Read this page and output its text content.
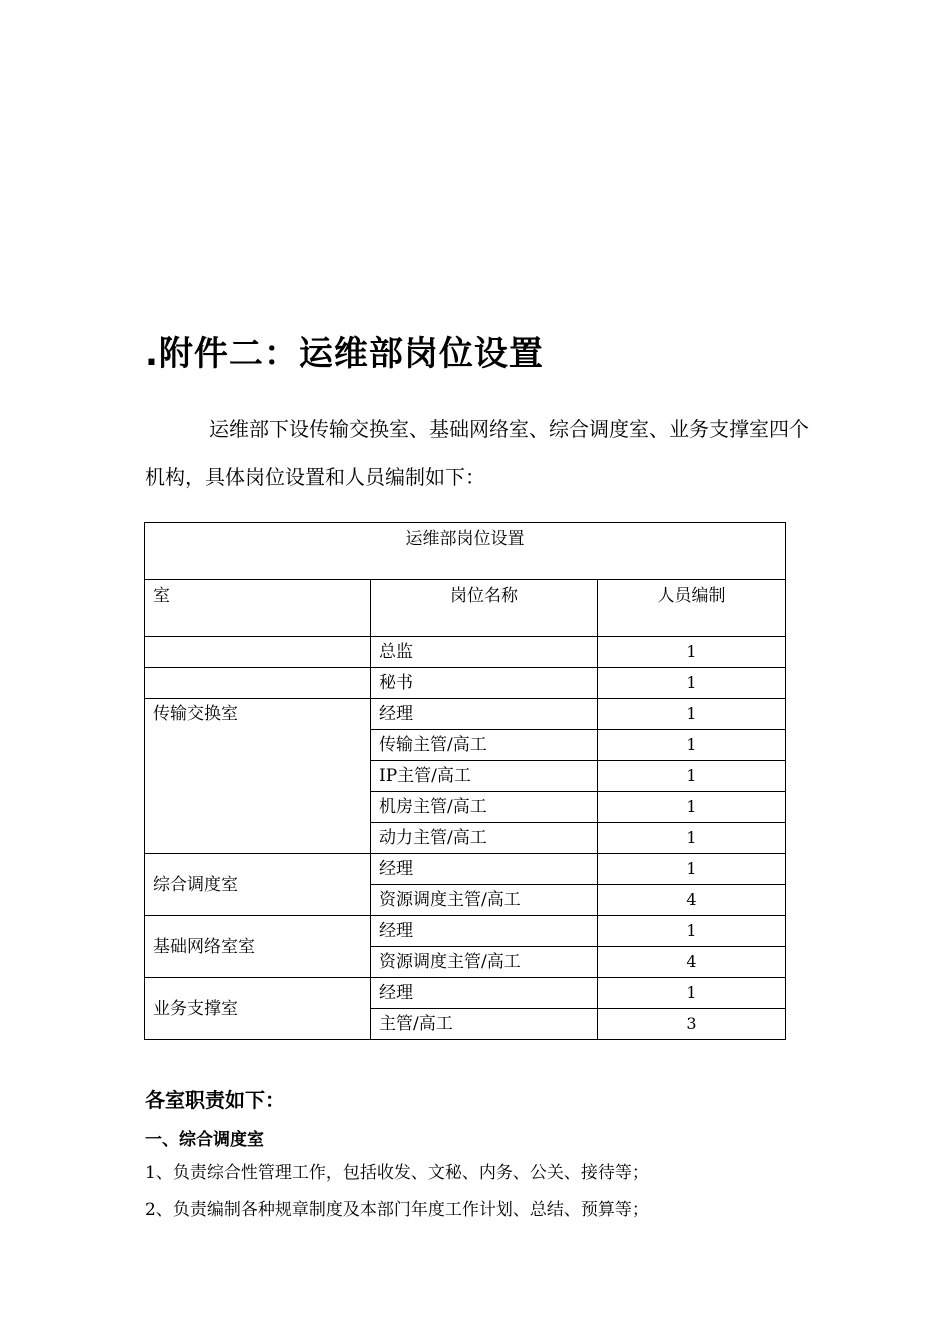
.附件二：运维部岗位设置

运维部下设传输交换室、基础网络室、综合调度室、业务支撑室四个机构，具体岗位设置和人员编制如下：

运维部岗位设置		
室	岗位名称	人员编制
	总监	1
	秘书	1
传输交换室	经理	1
	传输主管/高工	1
	IP主管/高工	1
	机房主管/高工	1
	动力主管/高工	1
综合调度室	经理	1
	资源调度主管/高工	4
基础网络室室	经理	1
	资源调度主管/高工	4
业务支撑室	经理	1
	主管/高工	3
各室职责如下：
一、综合调度室
1、负责综合性管理工作，包括收发、文秘、内务、公关、接待等；
2、负责编制各种规章制度及本部门年度工作计划、总结、预算等；
